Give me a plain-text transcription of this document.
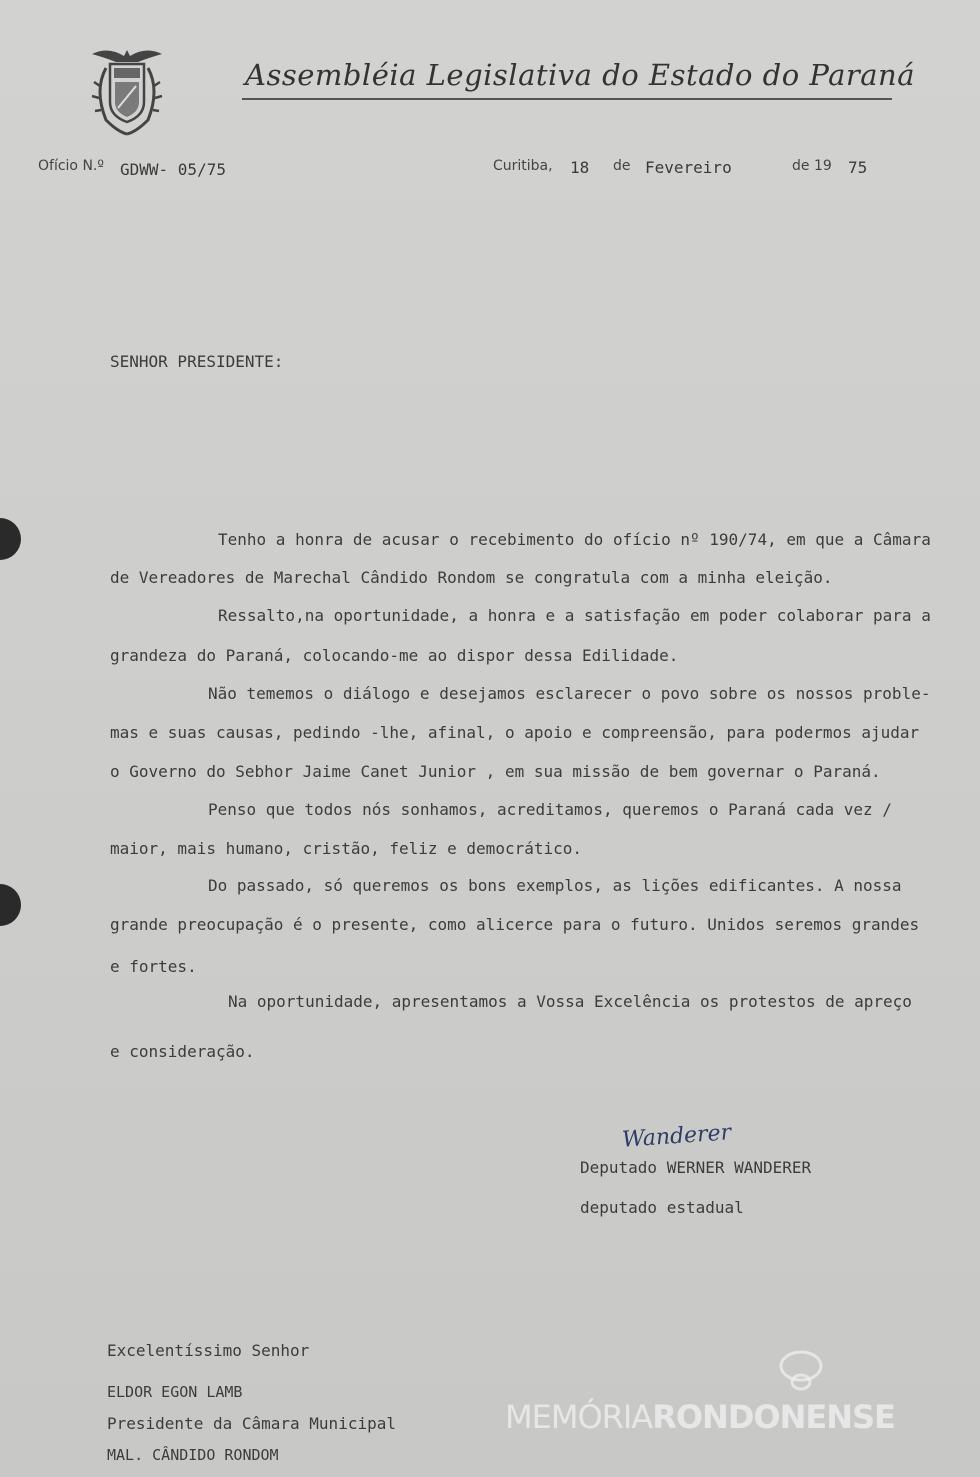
Assembléia Legislativa do Estado do Paraná
Ofício N.º GDWW- 05/75	Curitiba, 18 de Fevereiro	de 19 75
SENHOR PRESIDENTE:
Tenho a honra de acusar o recebimento do ofício nº 190/74, em que a Câmara
de Vereadores de Marechal Cândido Rondom se congratula com a minha eleição.
Ressalto,na oportunidade, a honra e a satisfação em poder colaborar para a
grandeza do Paraná, colocando-me ao dispor dessa Edilidade.
Não tememos o diálogo e desejamos esclarecer o povo sobre os nossos proble-
mas e suas causas, pedindo -lhe, afinal, o apoio e compreensão, para podermos ajudar
o Governo do Sebhor Jaime Canet Junior , em sua missão de bem governar o Paraná.
Penso que todos nós sonhamos, acreditamos, queremos o Paraná cada vez /
maior, mais humano, cristão, feliz e democrático.
Do passado, só queremos os bons exemplos, as lições edificantes. A nossa
grande preocupação é o presente, como alicerce para o futuro. Unidos seremos grandes
e fortes.
Na oportunidade, apresentamos a Vossa Excelência os protestos de apreço
e consideração.
Wanderer
Deputado WERNER WANDERER
deputado estadual
Excelentíssimo Senhor
ELDOR EGON LAMB
Presidente da Câmara Municipal
MAL. CÂNDIDO RONDOM
MEMÓRIARONDONENSE
